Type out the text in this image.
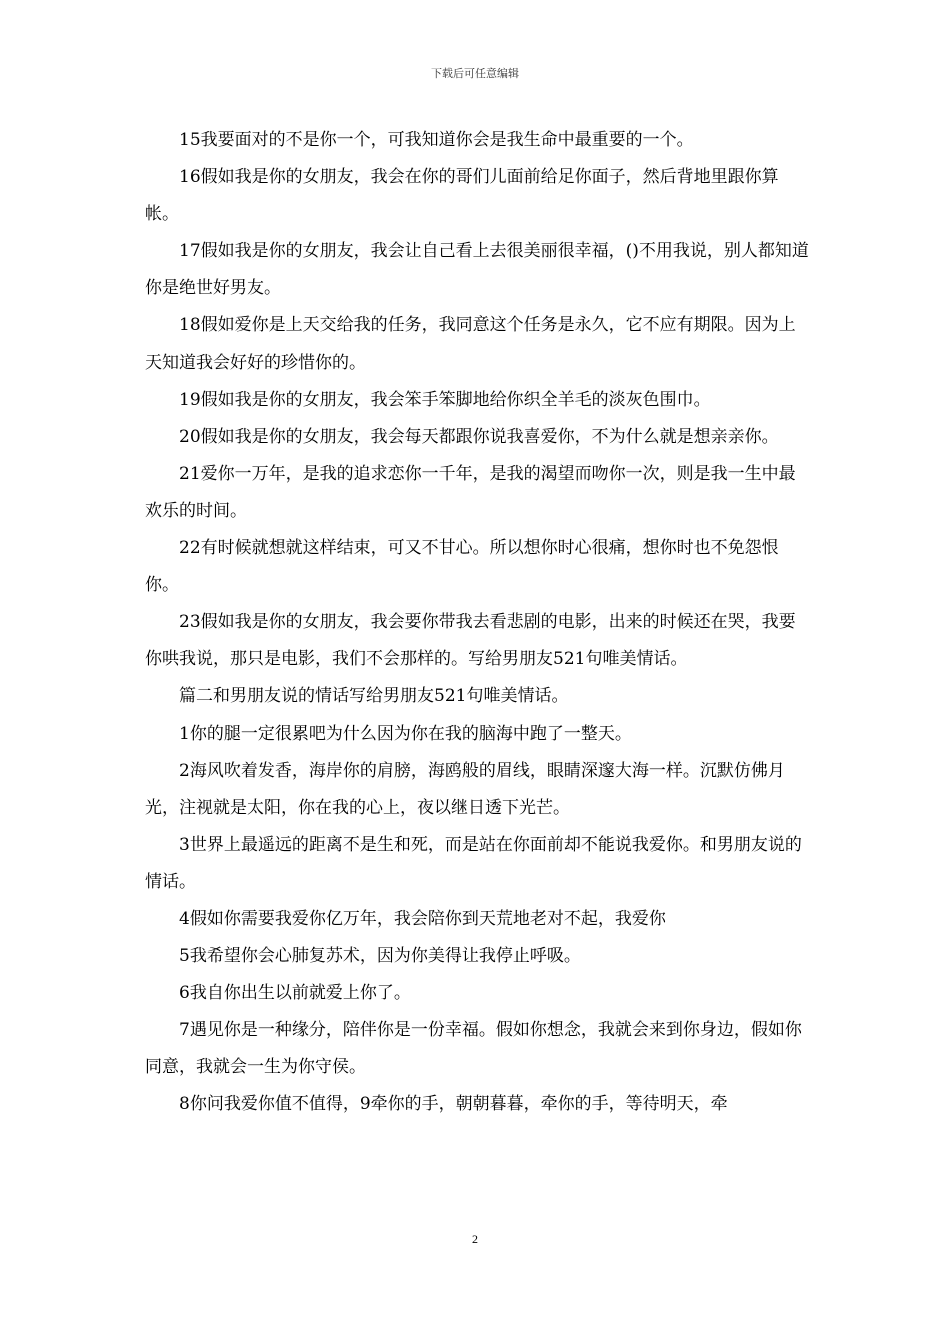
下载后可任意编辑

15我要面对的不是你一个，可我知道你会是我生命中最重要的一个。

16假如我是你的女朋友，我会在你的哥们儿面前给足你面子，然后背地里跟你算帐。

17假如我是你的女朋友，我会让自己看上去很美丽很幸福，()不用我说，别人都知道你是绝世好男友。

18假如爱你是上天交给我的任务，我同意这个任务是永久，它不应有期限。因为上天知道我会好好的珍惜你的。

19假如我是你的女朋友，我会笨手笨脚地给你织全羊毛的淡灰色围巾。

20假如我是你的女朋友，我会每天都跟你说我喜爱你，不为什么就是想亲亲你。

21爱你一万年，是我的追求恋你一千年，是我的渴望而吻你一次，则是我一生中最欢乐的时间。

22有时候就想就这样结束，可又不甘心。所以想你时心很痛，想你时也不免怨恨你。

23假如我是你的女朋友，我会要你带我去看悲剧的电影，出来的时候还在哭，我要你哄我说，那只是电影，我们不会那样的。写给男朋友521句唯美情话。

篇二和男朋友说的情话写给男朋友521句唯美情话。

1你的腿一定很累吧为什么因为你在我的脑海中跑了一整天。

2海风吹着发香，海岸你的肩膀，海鸥般的眉线，眼睛深邃大海一样。沉默仿佛月光，注视就是太阳，你在我的心上，夜以继日透下光芒。

3世界上最遥远的距离不是生和死，而是站在你面前却不能说我爱你。和男朋友说的情话。

4假如你需要我爱你亿万年，我会陪你到天荒地老对不起，我爱你

5我希望你会心肺复苏术，因为你美得让我停止呼吸。

6我自你出生以前就爱上你了。

7遇见你是一种缘分，陪伴你是一份幸福。假如你想念，我就会来到你身边，假如你同意，我就会一生为你守侯。

8你问我爱你值不值得，9牵你的手，朝朝暮暮，牵你的手，等待明天，牵

2
